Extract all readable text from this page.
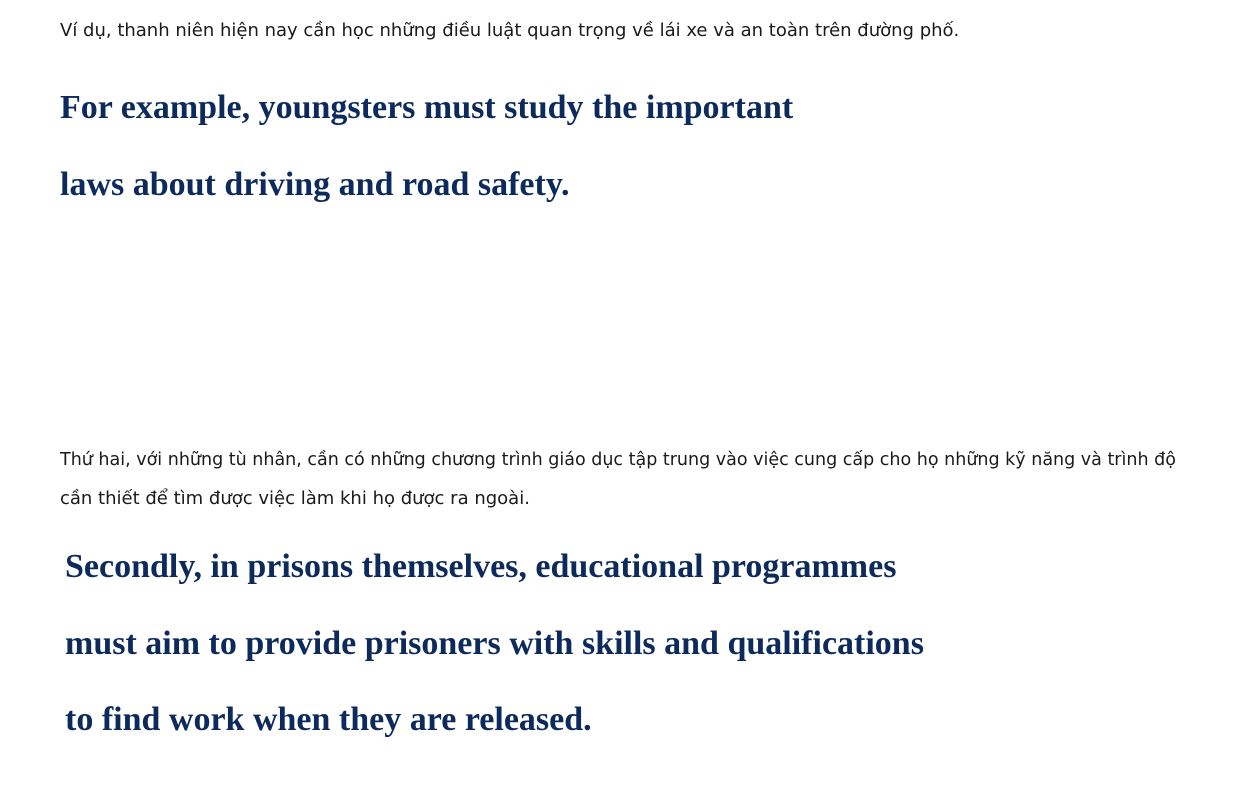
Ví dụ, thanh niên hiện nay cần học những điều luật quan trọng về lái xe và an toàn trên đường phố.

For example, youngsters must study the important

laws about driving and road safety.

Thứ hai, với những tù nhân, cần có những chương trình giáo dục tập trung vào việc cung cấp cho họ những kỹ năng và trình độ

cần thiết để tìm được việc làm khi họ được ra ngoài.

Secondly, in prisons themselves, educational programmes

must aim to provide prisoners with skills and qualifications

to find work when they are released.
